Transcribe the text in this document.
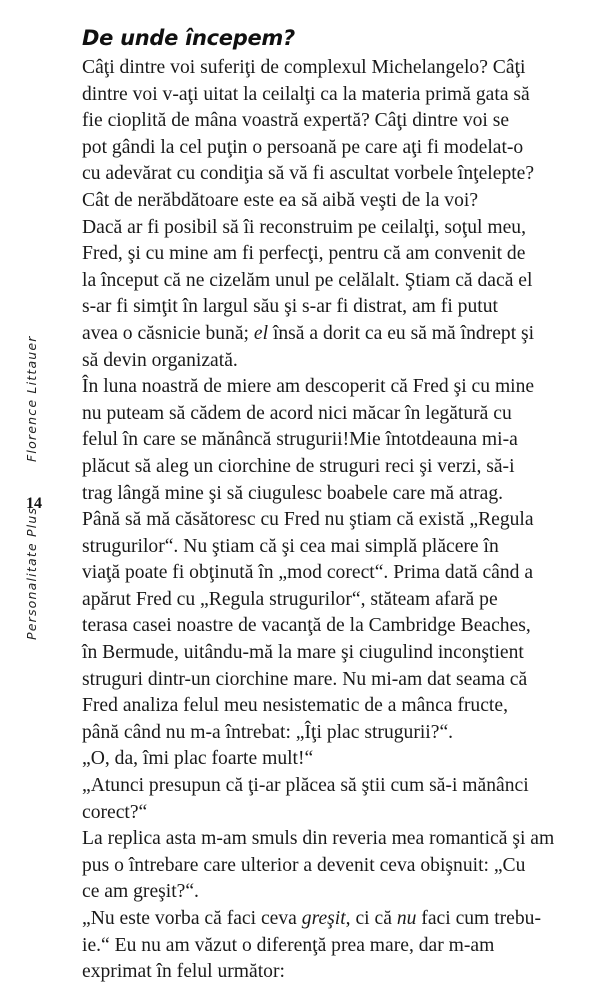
De unde începem?
Florence Littauer
14
Personalitate Plus

Câţi dintre voi suferiţi de complexul Michelangelo? Câţi
dintre voi v-aţi uitat la ceilalţi ca la materia primă gata să
fie cioplită de mâna voastră expertă? Câţi dintre voi se
pot gândi la cel puţin o persoană pe care aţi fi modelat-o
cu adevărat cu condiţia să vă fi ascultat vorbele înţelepte?
Cât de nerăbdătoare este ea să aibă veşti de la voi?

Dacă ar fi posibil să îi reconstruim pe ceilalţi, soţul meu,
Fred, şi cu mine am fi perfecţi, pentru că am convenit de
la început că ne cizelăm unul pe celălalt. Ştiam că dacă el
s-ar fi simţit în largul său şi s-ar fi distrat, am fi putut
avea o căsnicie bună; el însă a dorit ca eu să mă îndrept şi
să devin organizată.

În luna noastră de miere am descoperit că Fred şi cu mine
nu puteam să cădem de acord nici măcar în legătură cu
felul în care se mănâncă strugurii!Mie întotdeauna mi-a
plăcut să aleg un ciorchine de struguri reci şi verzi, să-i
trag lângă mine şi să ciugulesc boabele care mă atrag.
Până să mă căsătoresc cu Fred nu ştiam că există „Regula
strugurilor“. Nu ştiam că şi cea mai simplă plăcere în
viaţă poate fi obţinută în „mod corect“. Prima dată când a
apărut Fred cu „Regula strugurilor“, stăteam afară pe
terasa casei noastre de vacanţă de la Cambridge Beaches,
în Bermude, uitându-mă la mare şi ciugulind inconştient
struguri dintr-un ciorchine mare. Nu mi-am dat seama că
Fred analiza felul meu nesistematic de a mânca fructe,
până când nu m-a întrebat: „Îţi plac strugurii?“.

„O, da, îmi plac foarte mult!“

„Atunci presupun că ţi-ar plăcea să ştii cum să-i mănânci
corect?“

La replica asta m-am smuls din reveria mea romantică şi am
pus o întrebare care ulterior a devenit ceva obişnuit: „Cu
ce am greşit?“.

„Nu este vorba că faci ceva greşit, ci că nu faci cum trebu-
ie.“ Eu nu am văzut o diferenţă prea mare, dar m-am
exprimat în felul următor:
